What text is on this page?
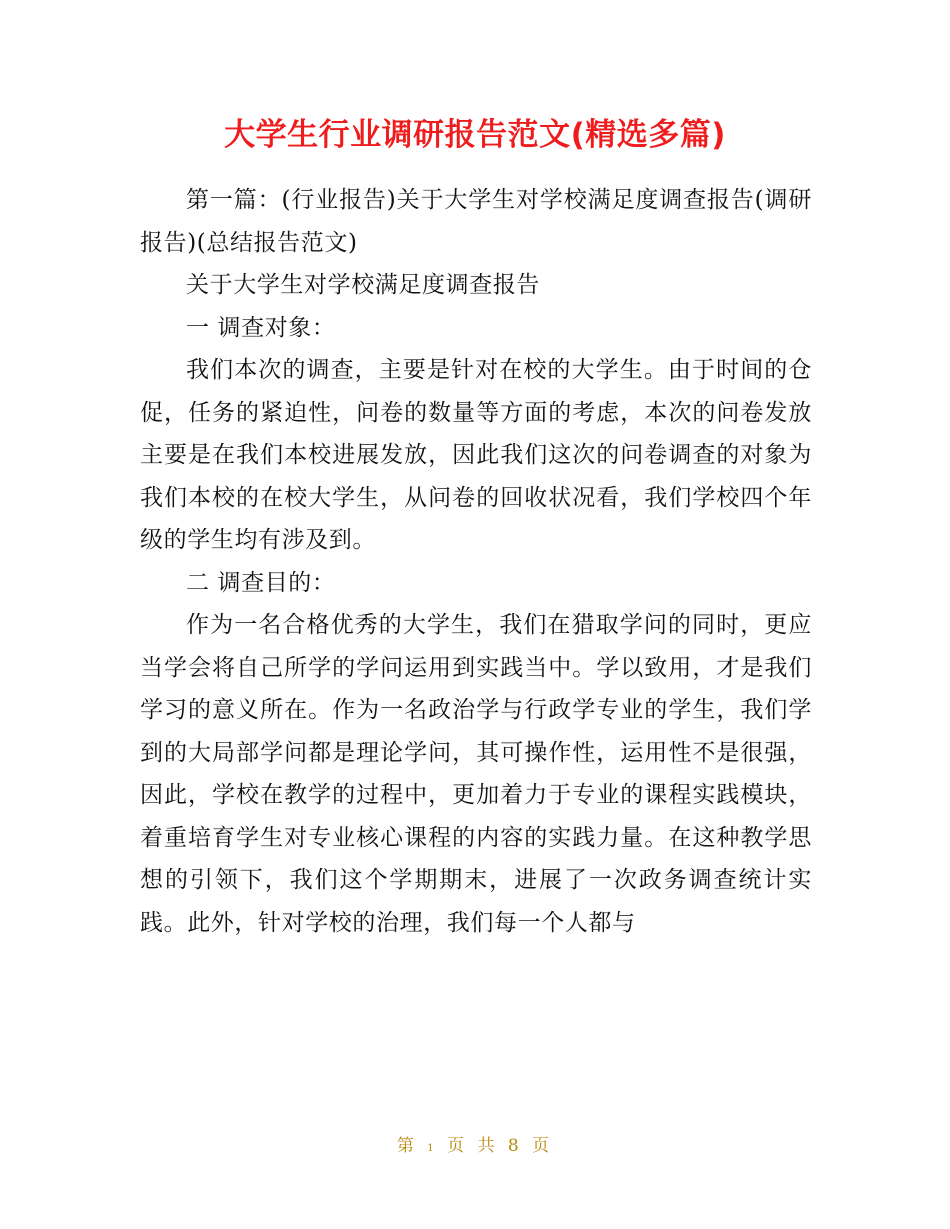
大学生行业调研报告范文(精选多篇)

第一篇：(行业报告)关于大学生对学校满足度调查报告(调研报告)(总结报告范文)

关于大学生对学校满足度调查报告

一 调查对象：

我们本次的调查，主要是针对在校的大学生。由于时间的仓促，任务的紧迫性，问卷的数量等方面的考虑，本次的问卷发放主要是在我们本校进展发放，因此我们这次的问卷调查的对象为我们本校的在校大学生，从问卷的回收状况看，我们学校四个年级的学生均有涉及到。

二 调查目的：

作为一名合格优秀的大学生，我们在猎取学问的同时，更应当学会将自己所学的学问运用到实践当中。学以致用，才是我们学习的意义所在。作为一名政治学与行政学专业的学生，我们学到的大局部学问都是理论学问，其可操作性，运用性不是很强，因此，学校在教学的过程中，更加着力于专业的课程实践模块，着重培育学生对专业核心课程的内容的实践力量。在这种教学思想的引领下，我们这个学期期末，进展了一次政务调查统计实践。此外，针对学校的治理，我们每一个人都与

第 1 页 共 8 页
